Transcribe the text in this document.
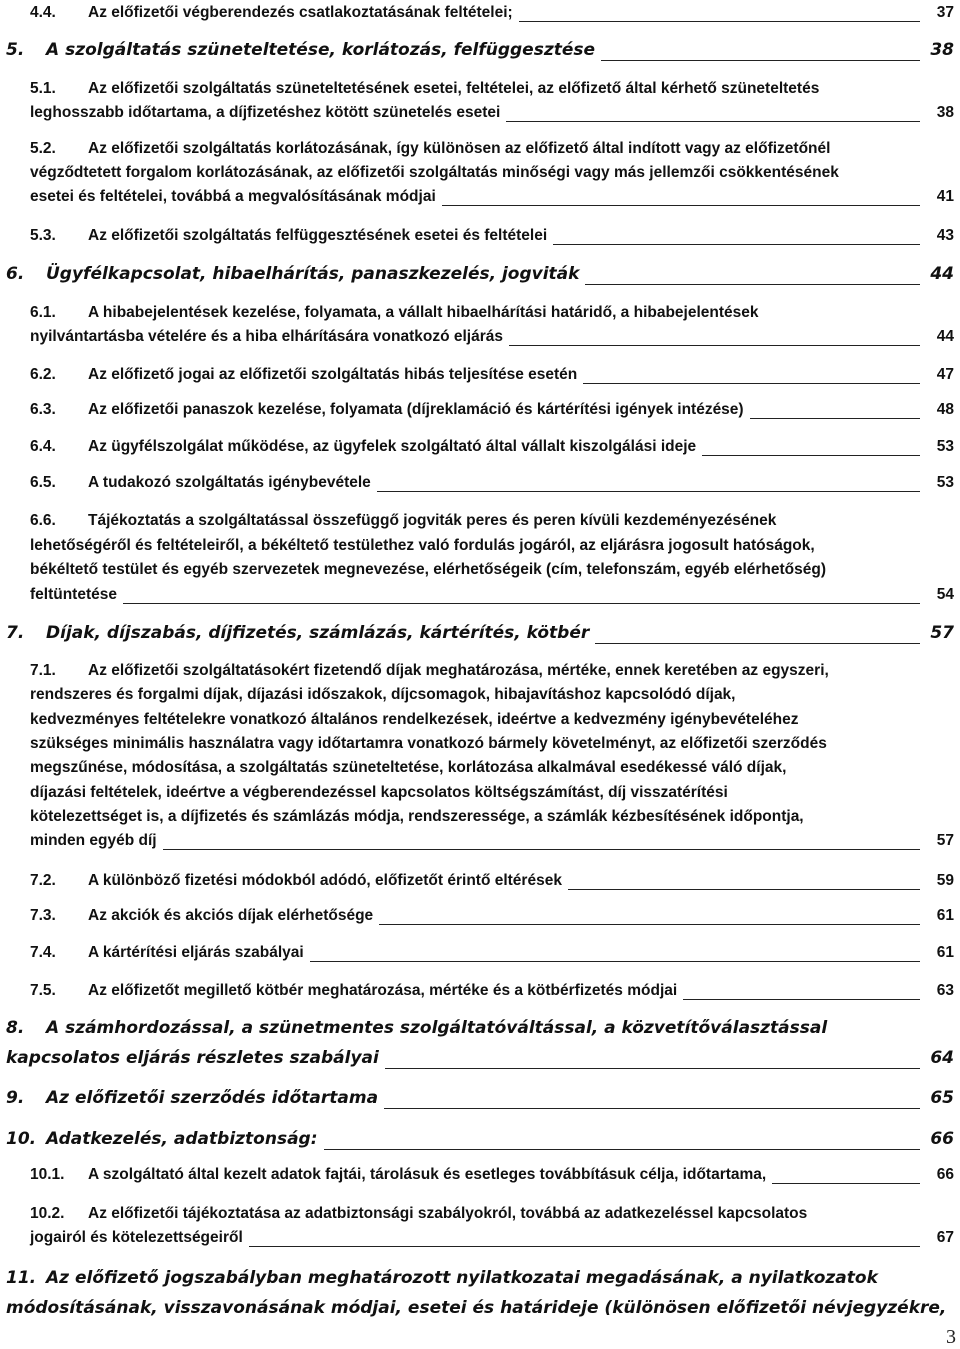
4.4. Az előfizetői végberendezés csatlakoztatásának feltételei;	37
5. A szolgáltatás szüneteltetése, korlátozás, felfüggesztése	38
5.1. Az előfizetői szolgáltatás szüneteltetésének esetei, feltételei, az előfizető által kérhető szüneteltetés
leghosszabb időtartama, a díjfizetéshez kötött szünetelés esetei	38
5.2. Az előfizetői szolgáltatás korlátozásának, így különösen az előfizető által indított vagy az előfizetőnél
végződtetett forgalom korlátozásának, az előfizetői szolgáltatás minőségi vagy más jellemzői csökkentésének
esetei és feltételei, továbbá a megvalósításának módjai	41
5.3. Az előfizetői szolgáltatás felfüggesztésének esetei és feltételei	43
6. Ügyfélkapcsolat, hibaelhárítás, panaszkezelés, jogviták	44
6.1. A hibabejelentések kezelése, folyamata, a vállalt hibaelhárítási határidő, a hibabejelentések
nyilvántartásba vételére és a hiba elhárítására vonatkozó eljárás	44
6.2. Az előfizető jogai az előfizetői szolgáltatás hibás teljesítése esetén	47
6.3. Az előfizetői panaszok kezelése, folyamata (díjreklamáció és kártérítési igények intézése)	48
6.4. Az ügyfélszolgálat működése, az ügyfelek szolgáltató által vállalt kiszolgálási ideje	53
6.5. A tudakozó szolgáltatás igénybevétele	53
6.6. Tájékoztatás a szolgáltatással összefüggő jogviták peres és peren kívüli kezdeményezésének
lehetőségéről és feltételeiről, a békéltető testülethez való fordulás jogáról, az eljárásra jogosult hatóságok,
békéltető testület és egyéb szervezetek megnevezése, elérhetőségeik (cím, telefonszám, egyéb elérhetőség)
feltüntetése	54
7. Díjak, díjszabás, díjfizetés, számlázás, kártérítés, kötbér	57
7.1. Az előfizetői szolgáltatásokért fizetendő díjak meghatározása, mértéke, ennek keretében az egyszeri,
rendszeres és forgalmi díjak, díjazási időszakok, díjcsomagok, hibajavításhoz kapcsolódó díjak,
kedvezményes feltételekre vonatkozó általános rendelkezések, ideértve a kedvezmény igénybevételéhez
szükséges minimális használatra vagy időtartamra vonatkozó bármely követelményt, az előfizetői szerződés
megszűnése, módosítása, a szolgáltatás szüneteltetése, korlátozása alkalmával esedékessé váló díjak,
díjazási feltételek, ideértve a végberendezéssel kapcsolatos költségszámítást, díj visszatérítési
kötelezettséget is, a díjfizetés és számlázás módja, rendszeressége, a számlák kézbesítésének időpontja,
minden egyéb díj	57
7.2. A különböző fizetési módokból adódó, előfizetőt érintő eltérések	59
7.3. Az akciók és akciós díjak elérhetősége	61
7.4. A kártérítési eljárás szabályai	61
7.5. Az előfizetőt megillető kötbér meghatározása, mértéke és a kötbérfizetés módjai	63
8. A számhordozással, a szünetmentes szolgáltatóváltással, a közvetítőválasztással
kapcsolatos eljárás részletes szabályai	64
9. Az előfizetői szerződés időtartama	65
10. Adatkezelés, adatbiztonság:	66
10.1. A szolgáltató által kezelt adatok fajtái, tárolásuk és esetleges továbbításuk célja, időtartama,	66
10.2. Az előfizetői tájékoztatása az adatbiztonsági szabályokról, továbbá az adatkezeléssel kapcsolatos
jogairól és kötelezettségeiről	67
11. Az előfizető jogszabályban meghatározott nyilatkozatai megadásának, a nyilatkozatok
módosításának, visszavonásának módjai, esetei és határideje (különösen előfizetői névjegyzékre,
3
